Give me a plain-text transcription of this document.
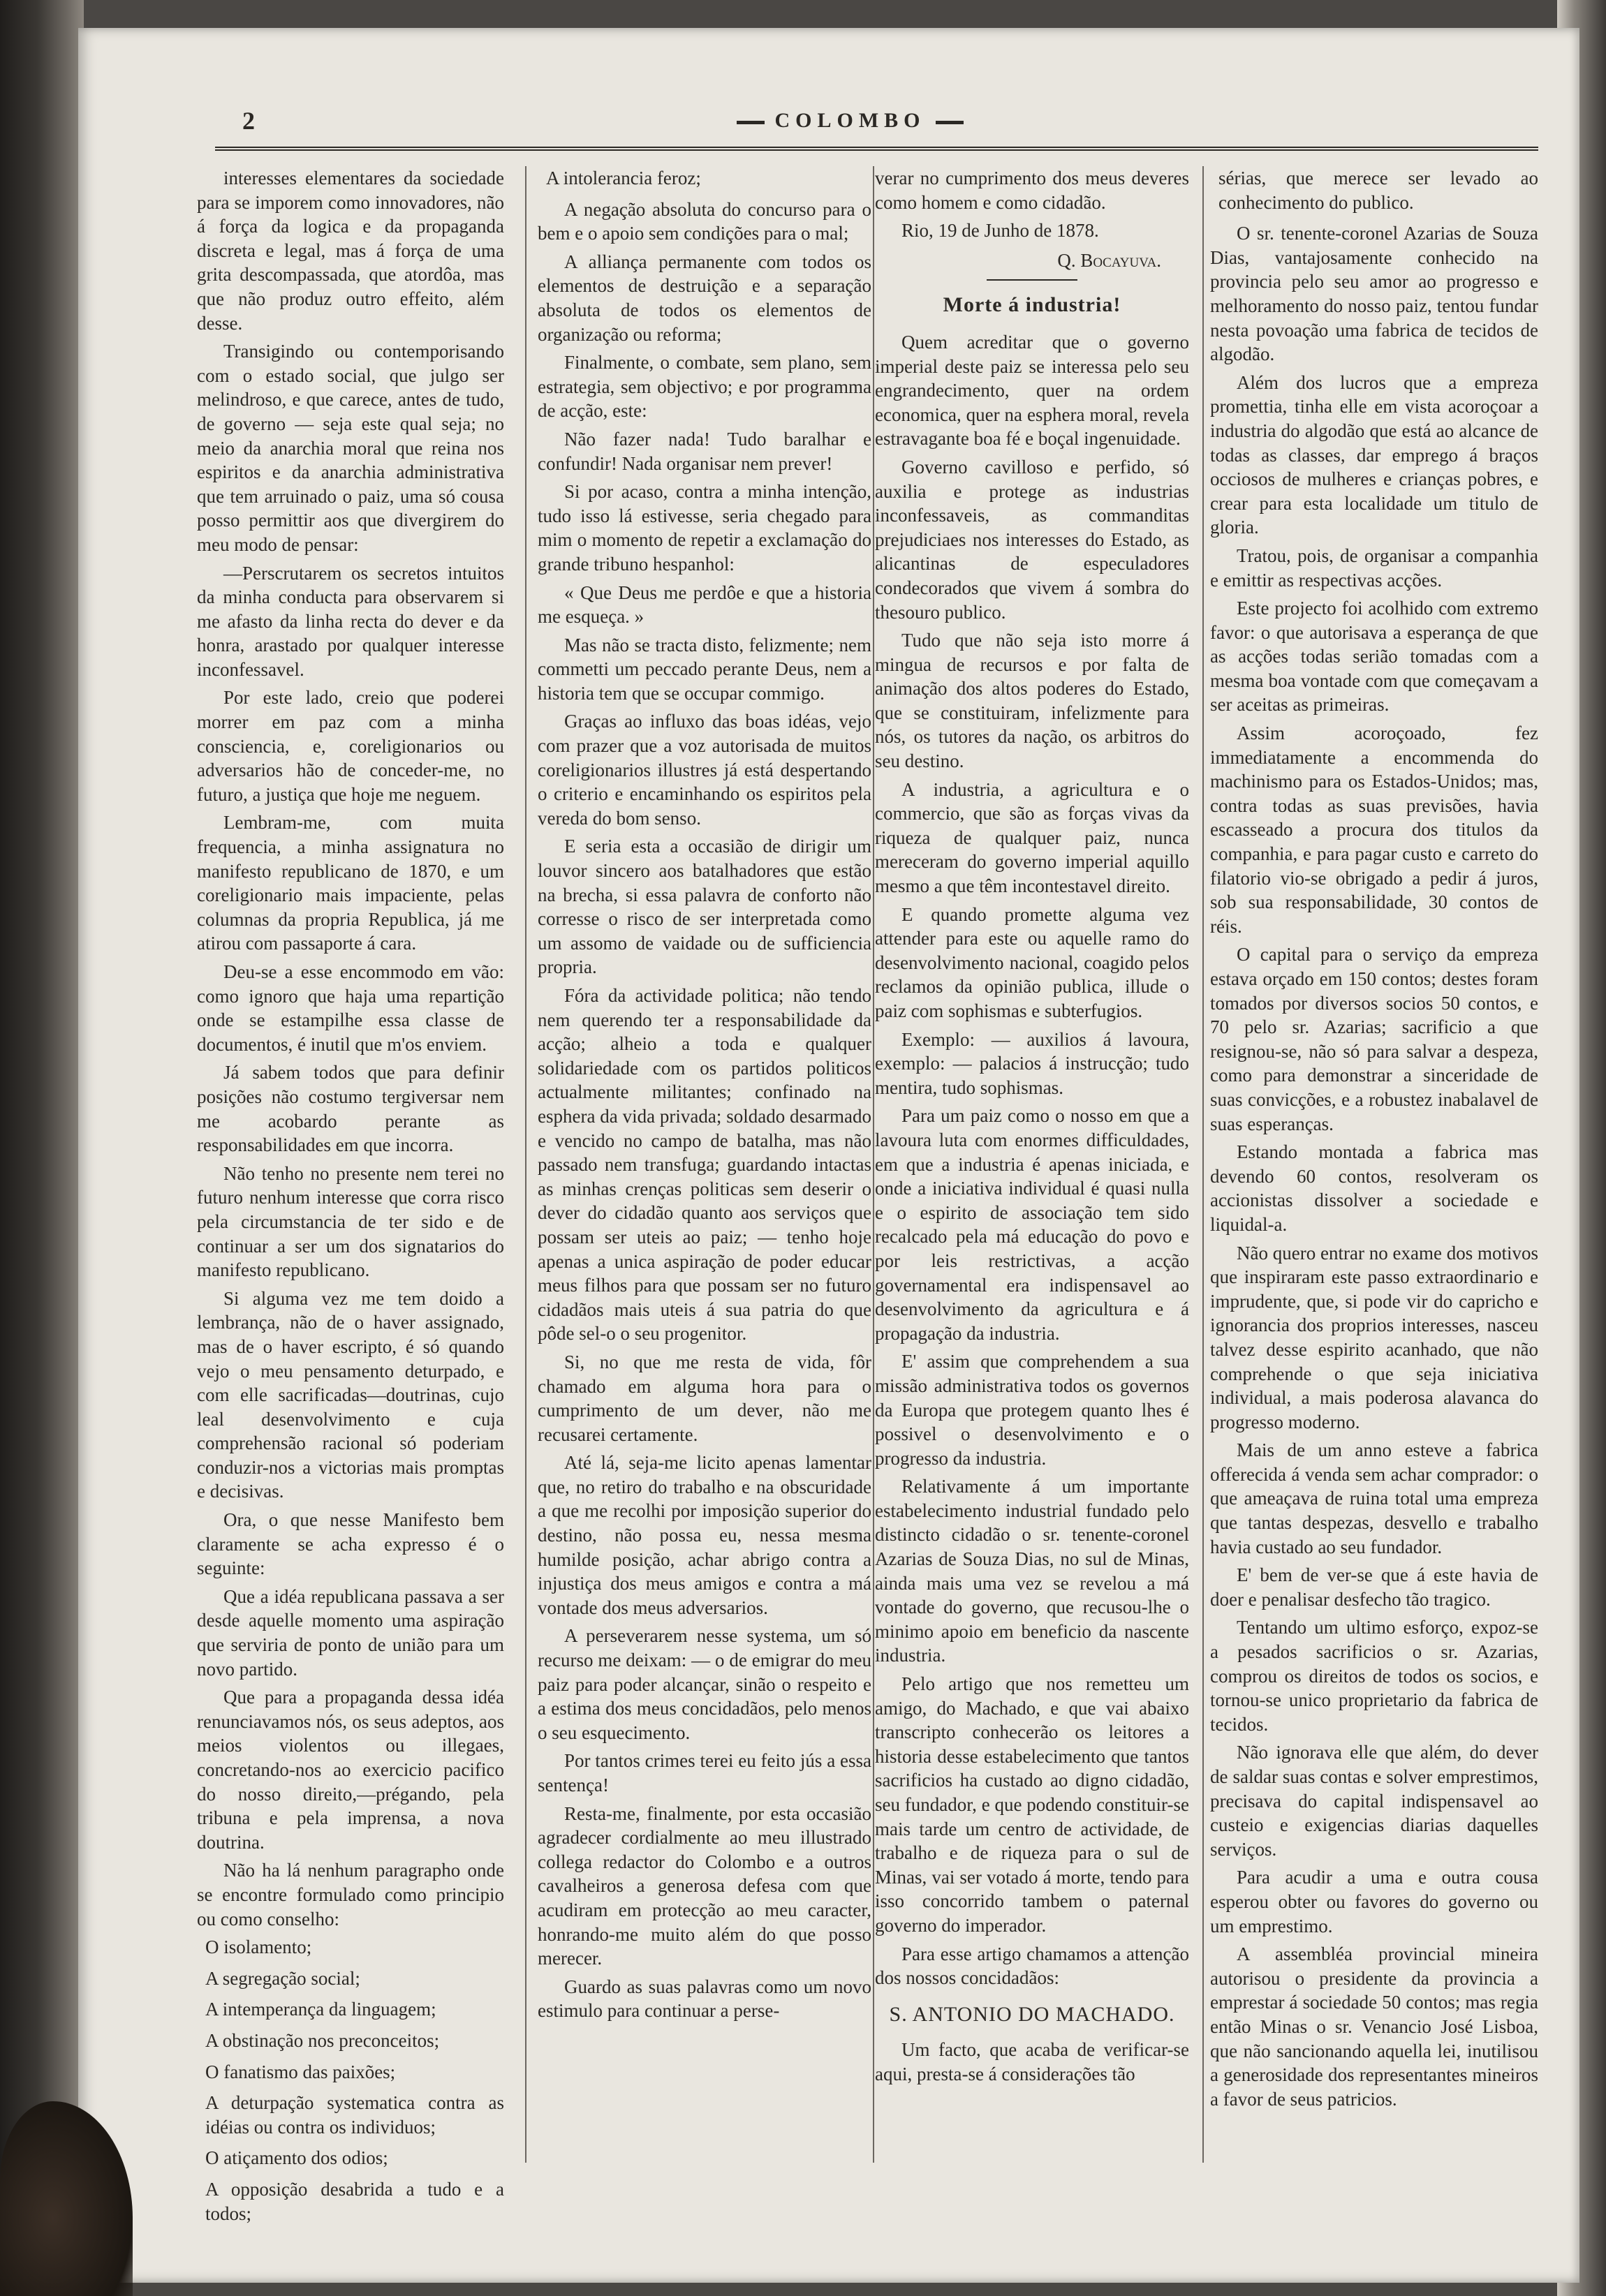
2	COLOMBO

interesses elementares da sociedade para se imporem como innovadores, não á força da logica e da propaganda discreta e legal, mas á força de uma grita descompassada, que atordôa, mas que não produz outro effeito, além desse.

Transigindo ou contemporisando com o estado social, que julgo ser melindroso, e que carece, antes de tudo, de governo — seja este qual seja; no meio da anarchia moral que reina nos espiritos e da anarchia administrativa que tem arruinado o paiz, uma só cousa posso permittir aos que divergirem do meu modo de pensar:

—Perscrutarem os secretos intuitos da minha conducta para observarem si me afasto da linha recta do dever e da honra, arastado por qualquer interesse inconfessavel.

Por este lado, creio que poderei morrer em paz com a minha consciencia, e, coreligionarios ou adversarios hão de conceder-me, no futuro, a justiça que hoje me neguem.

Lembram-me, com muita frequencia, a minha assignatura no manifesto republicano de 1870, e um coreligionario mais impaciente, pelas columnas da propria Republica, já me atirou com passaporte á cara.

Deu-se a esse encommodo em vão: como ignoro que haja uma repartição onde se estampilhe essa classe de documentos, é inutil que m'os enviem.

Já sabem todos que para definir posições não costumo tergiversar nem me acobardo perante as responsabilidades em que incorra.

Não tenho no presente nem terei no futuro nenhum interesse que corra risco pela circumstancia de ter sido e de continuar a ser um dos signatarios do manifesto republicano.

Si alguma vez me tem doido a lembrança, não de o haver assignado, mas de o haver escripto, é só quando vejo o meu pensamento deturpado, e com elle sacrificadas—doutrinas, cujo leal desenvolvimento e cuja comprehensão racional só poderiam conduzir-nos a victorias mais promptas e decisivas.

Ora, o que nesse Manifesto bem claramente se acha expresso é o seguinte:

Que a idéa republicana passava a ser desde aquelle momento uma aspiração que serviria de ponto de união para um novo partido.

Que para a propaganda dessa idéa renunciavamos nós, os seus adeptos, aos meios violentos ou illegaes, concretando-nos ao exercicio pacifico do nosso direito,—prégando, pela tribuna e pela imprensa, a nova doutrina.

Não ha lá nenhum paragrapho onde se encontre formulado como principio ou como conselho:

O isolamento;

A segregação social;

A intemperança da linguagem;

A obstinação nos preconceitos;

O fanatismo das paixões;

A deturpação systematica contra as idéias ou contra os individuos;

O atiçamento dos odios;

A opposição desabrida a tudo e a todos;

A intolerancia feroz;

A negação absoluta do concurso para o bem e o apoio sem condições para o mal;

A alliança permanente com todos os elementos de destruição e a separação absoluta de todos os elementos de organização ou reforma;

Finalmente, o combate, sem plano, sem estrategia, sem objectivo; e por programma de acção, este:

Não fazer nada! Tudo baralhar e confundir! Nada organisar nem prever!

Si por acaso, contra a minha intenção, tudo isso lá estivesse, seria chegado para mim o momento de repetir a exclamação do grande tribuno hespanhol:

« Que Deus me perdôe e que a historia me esqueça. »

Mas não se tracta disto, felizmente; nem commetti um peccado perante Deus, nem a historia tem que se occupar commigo.

Graças ao influxo das boas idéas, vejo com prazer que a voz autorisada de muitos coreligionarios illustres já está despertando o criterio e encaminhando os espiritos pela vereda do bom senso.

E seria esta a occasião de dirigir um louvor sincero aos batalhadores que estão na brecha, si essa palavra de conforto não corresse o risco de ser interpretada como um assomo de vaidade ou de sufficiencia propria.

Fóra da actividade politica; não tendo nem querendo ter a responsabilidade da acção; alheio a toda e qualquer solidariedade com os partidos politicos actualmente militantes; confinado na esphera da vida privada; soldado desarmado e vencido no campo de batalha, mas não passado nem transfuga; guardando intactas as minhas crenças politicas sem deserir o dever do cidadão quanto aos serviços que possam ser uteis ao paiz; — tenho hoje apenas a unica aspiração de poder educar meus filhos para que possam ser no futuro cidadãos mais uteis á sua patria do que pôde sel-o o seu progenitor.

Si, no que me resta de vida, fôr chamado em alguma hora para o cumprimento de um dever, não me recusarei certamente.

Até lá, seja-me licito apenas lamentar que, no retiro do trabalho e na obscuridade a que me recolhi por imposição superior do destino, não possa eu, nessa mesma humilde posição, achar abrigo contra a injustiça dos meus amigos e contra a má vontade dos meus adversarios.

A perseverarem nesse systema, um só recurso me deixam: — o de emigrar do meu paiz para poder alcançar, sinão o respeito e a estima dos meus concidadãos, pelo menos o seu esquecimento.

Por tantos crimes terei eu feito jús a essa sentença!

Resta-me, finalmente, por esta occasião agradecer cordialmente ao meu illustrado collega redactor do Colombo e a outros cavalheiros a generosa defesa com que acudiram em protecção ao meu caracter, honrando-me muito além do que posso merecer.

Guardo as suas palavras como um novo estimulo para continuar a perse-

verar no cumprimento dos meus deveres como homem e como cidadão.

Rio, 19 de Junho de 1878.

Q. Bocayuva.
Morte á industria!

Quem acreditar que o governo imperial deste paiz se interessa pelo seu engrandecimento, quer na ordem economica, quer na esphera moral, revela estravagante boa fé e boçal ingenuidade.

Governo cavilloso e perfido, só auxilia e protege as industrias inconfessaveis, as commanditas prejudiciaes nos interesses do Estado, as alicantinas de especuladores condecorados que vivem á sombra do thesouro publico.

Tudo que não seja isto morre á mingua de recursos e por falta de animação dos altos poderes do Estado, que se constituiram, infelizmente para nós, os tutores da nação, os arbitros do seu destino.

A industria, a agricultura e o commercio, que são as forças vivas da riqueza de qualquer paiz, nunca mereceram do governo imperial aquillo mesmo a que têm incontestavel direito.

E quando promette alguma vez attender para este ou aquelle ramo do desenvolvimento nacional, coagido pelos reclamos da opinião publica, illude o paiz com sophismas e subterfugios.

Exemplo: — auxilios á lavoura, exemplo: — palacios á instrucção; tudo mentira, tudo sophismas.

Para um paiz como o nosso em que a lavoura luta com enormes difficuldades, em que a industria é apenas iniciada, e onde a iniciativa individual é quasi nulla e o espirito de associação tem sido recalcado pela má educação do povo e por leis restrictivas, a acção governamental era indispensavel ao desenvolvimento da agricultura e á propagação da industria.

E' assim que comprehendem a sua missão administrativa todos os governos da Europa que protegem quanto lhes é possivel o desenvolvimento e o progresso da industria.

Relativamente á um importante estabelecimento industrial fundado pelo distincto cidadão o sr. tenente-coronel Azarias de Souza Dias, no sul de Minas, ainda mais uma vez se revelou a má vontade do governo, que recusou-lhe o minimo apoio em beneficio da nascente industria.

Pelo artigo que nos remetteu um amigo, do Machado, e que vai abaixo transcripto conhecerão os leitores a historia desse estabelecimento que tantos sacrificios ha custado ao digno cidadão, seu fundador, e que podendo constituir-se mais tarde um centro de actividade, de trabalho e de riqueza para o sul de Minas, vai ser votado á morte, tendo para isso concorrido tambem o paternal governo do imperador.

Para esse artigo chamamos a attenção dos nossos concidadãos:

S. ANTONIO DO MACHADO.

Um facto, que acaba de verificar-se aqui, presta-se á considerações tão

sérias, que merece ser levado ao conhecimento do publico.

O sr. tenente-coronel Azarias de Souza Dias, vantajosamente conhecido na provincia pelo seu amor ao progresso e melhoramento do nosso paiz, tentou fundar nesta povoação uma fabrica de tecidos de algodão.

Além dos lucros que a empreza promettia, tinha elle em vista acoroçoar a industria do algodão que está ao alcance de todas as classes, dar emprego á braços occiosos de mulheres e crianças pobres, e crear para esta localidade um titulo de gloria.

Tratou, pois, de organisar a companhia e emittir as respectivas acções.

Este projecto foi acolhido com extremo favor: o que autorisava a esperança de que as acções todas serião tomadas com a mesma boa vontade com que começavam a ser aceitas as primeiras.

Assim acoroçoado, fez immediatamente a encommenda do machinismo para os Estados-Unidos; mas, contra todas as suas previsões, havia escasseado a procura dos titulos da companhia, e para pagar custo e carreto do filatorio vio-se obrigado a pedir á juros, sob sua responsabilidade, 30 contos de réis.

O capital para o serviço da empreza estava orçado em 150 contos; destes foram tomados por diversos socios 50 contos, e 70 pelo sr. Azarias; sacrificio a que resignou-se, não só para salvar a despeza, como para demonstrar a sinceridade de suas convicções, e a robustez inabalavel de suas esperanças.

Estando montada a fabrica mas devendo 60 contos, resolveram os accionistas dissolver a sociedade e liquidal-a.

Não quero entrar no exame dos motivos que inspiraram este passo extraordinario e imprudente, que, si pode vir do capricho e ignorancia dos proprios interesses, nasceu talvez desse espirito acanhado, que não comprehende o que seja iniciativa individual, a mais poderosa alavanca do progresso moderno.

Mais de um anno esteve a fabrica offerecida á venda sem achar comprador: o que ameaçava de ruina total uma empreza que tantas despezas, desvello e trabalho havia custado ao seu fundador.

E' bem de ver-se que á este havia de doer e penalisar desfecho tão tragico.

Tentando um ultimo esforço, expoz-se a pesados sacrificios o sr. Azarias, comprou os direitos de todos os socios, e tornou-se unico proprietario da fabrica de tecidos.

Não ignorava elle que além, do dever de saldar suas contas e solver emprestimos, precisava do capital indispensavel ao custeio e exigencias diarias daquelles serviços.

Para acudir a uma e outra cousa esperou obter ou favores do governo ou um emprestimo.

A assembléa provincial mineira autorisou o presidente da provincia a emprestar á sociedade 50 contos; mas regia então Minas o sr. Venancio José Lisboa, que não sancionando aquella lei, inutilisou a generosidade dos representantes mineiros a favor de seus patricios.
